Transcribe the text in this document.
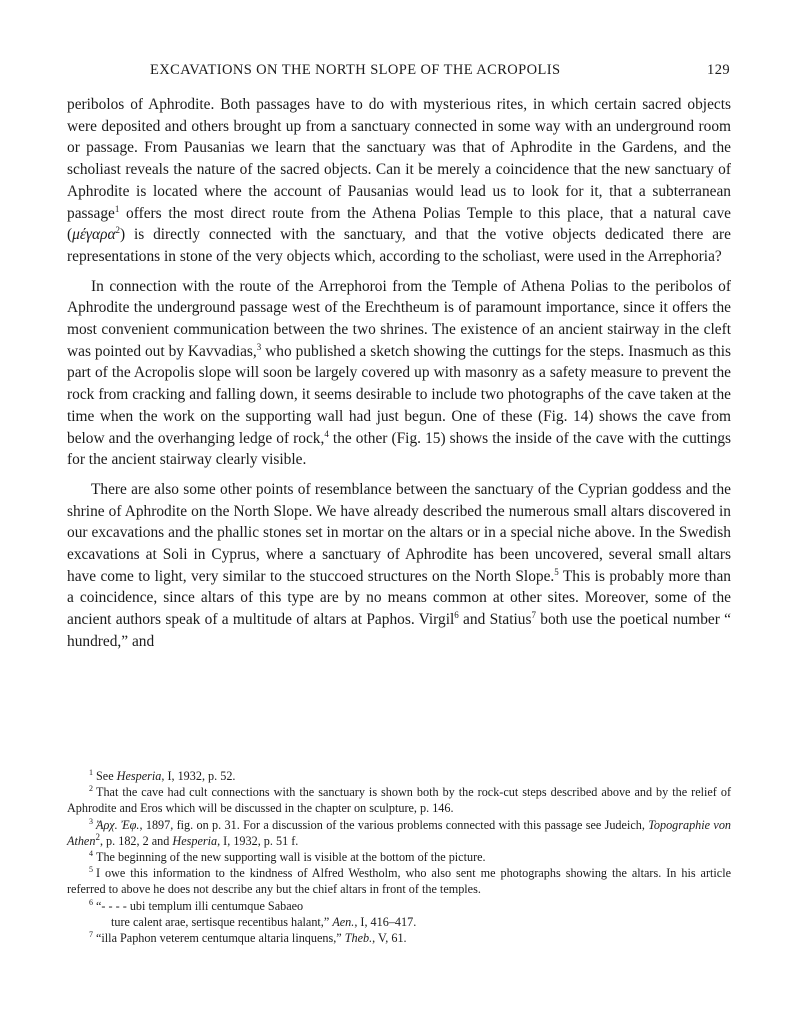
EXCAVATIONS ON THE NORTH SLOPE OF THE ACROPOLIS	129

peribolos of Aphrodite. Both passages have to do with mysterious rites, in which certain sacred objects were deposited and others brought up from a sanctuary connected in some way with an underground room or passage. From Pausanias we learn that the sanctuary was that of Aphrodite in the Gardens, and the scholiast reveals the nature of the sacred objects. Can it be merely a coincidence that the new sanctuary of Aphrodite is located where the account of Pausanias would lead us to look for it, that a subterranean passage$^1$ offers the most direct route from the Athena Polias Temple to this place, that a natural cave (μέγαρα$^2$) is directly connected with the sanctuary, and that the votive objects dedicated there are representations in stone of the very objects which, according to the scholiast, were used in the Arrephoria?

In connection with the route of the Arrephoroi from the Temple of Athena Polias to the peribolos of Aphrodite the underground passage west of the Erechtheum is of paramount importance, since it offers the most convenient communication between the two shrines. The existence of an ancient stairway in the cleft was pointed out by Kavvadias,$^3$ who published a sketch showing the cuttings for the steps. Inasmuch as this part of the Acropolis slope will soon be largely covered up with masonry as a safety measure to prevent the rock from cracking and falling down, it seems desirable to include two photographs of the cave taken at the time when the work on the supporting wall had just begun. One of these (Fig. 14) shows the cave from below and the overhanging ledge of rock,$^4$ the other (Fig. 15) shows the inside of the cave with the cuttings for the ancient stairway clearly visible.

There are also some other points of resemblance between the sanctuary of the Cyprian goddess and the shrine of Aphrodite on the North Slope. We have already described the numerous small altars discovered in our excavations and the phallic stones set in mortar on the altars or in a special niche above. In the Swedish excavations at Soli in Cyprus, where a sanctuary of Aphrodite has been uncovered, several small altars have come to light, very similar to the stuccoed structures on the North Slope.$^5$ This is probably more than a coincidence, since altars of this type are by no means common at other sites. Moreover, some of the ancient authors speak of a multitude of altars at Paphos. Virgil$^6$ and Statius$^7$ both use the poetical number “ hundred,” and

$^1$ See Hesperia, I, 1932, p. 52.

$^2$ That the cave had cult connections with the sanctuary is shown both by the rock-cut steps described above and by the relief of Aphrodite and Eros which will be discussed in the chapter on sculpture, p. 146.

$^3$ Ἀρχ. Ἐφ., 1897, fig. on p. 31. For a discussion of the various problems connected with this passage see Judeich, Topographie von Athen$^2$, p. 182, 2 and Hesperia, I, 1932, p. 51 f.

$^4$ The beginning of the new supporting wall is visible at the bottom of the picture.

$^5$ I owe this information to the kindness of Alfred Westholm, who also sent me photographs showing the altars. In his article referred to above he does not describe any but the chief altars in front of the temples.

$^6$ “- - - - ubi templum illi centumque Sabaeo

ture calent arae, sertisque recentibus halant,” Aen., I, 416–417.

$^7$ “illa Paphon veterem centumque altaria linquens,” Theb., V, 61.
